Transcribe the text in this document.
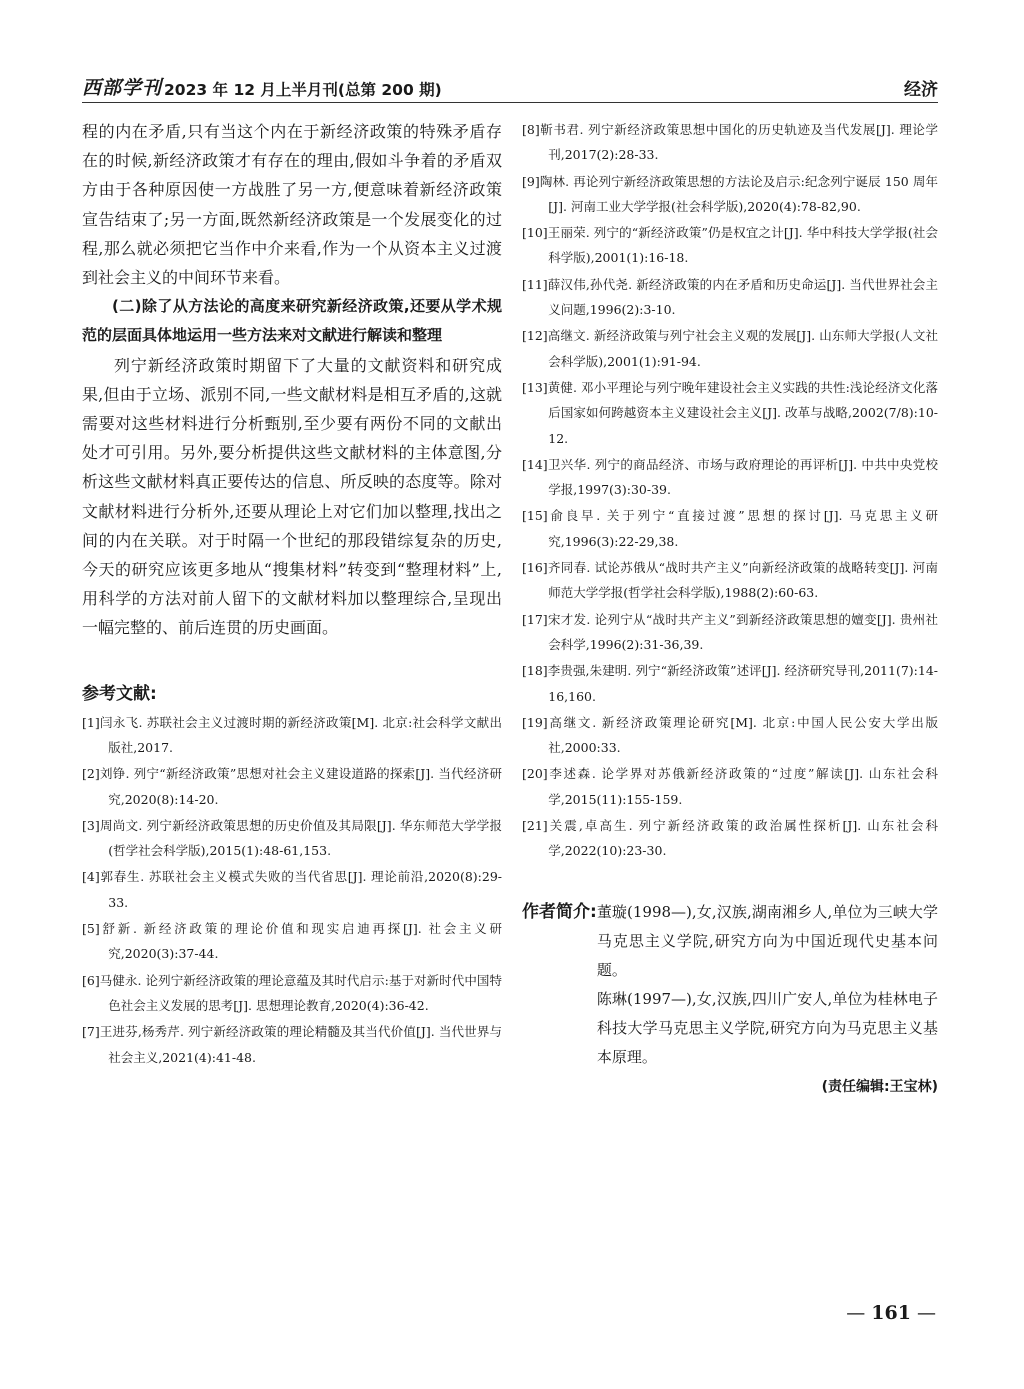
西部学刊 2023 年 12 月上半月刊(总第 200 期)	经济

程的内在矛盾,只有当这个内在于新经济政策的特殊矛盾存在的时候,新经济政策才有存在的理由,假如斗争着的矛盾双方由于各种原因使一方战胜了另一方,便意味着新经济政策宣告结束了;另一方面,既然新经济政策是一个发展变化的过程,那么就必须把它当作中介来看,作为一个从资本主义过渡到社会主义的中间环节来看。

(二)除了从方法论的高度来研究新经济政策,还要从学术规范的层面具体地运用一些方法来对文献进行解读和整理

列宁新经济政策时期留下了大量的文献资料和研究成果,但由于立场、派别不同,一些文献材料是相互矛盾的,这就需要对这些材料进行分析甄别,至少要有两份不同的文献出处才可引用。另外,要分析提供这些文献材料的主体意图,分析这些文献材料真正要传达的信息、所反映的态度等。除对文献材料进行分析外,还要从理论上对它们加以整理,找出之间的内在关联。对于时隔一个世纪的那段错综复杂的历史,今天的研究应该更多地从“搜集材料”转变到“整理材料”上,用科学的方法对前人留下的文献材料加以整理综合,呈现出一幅完整的、前后连贯的历史画面。

参考文献:
[1]闫永飞. 苏联社会主义过渡时期的新经济政策[M]. 北京:社会科学文献出版社,2017.
[2]刘铮. 列宁“新经济政策”思想对社会主义建设道路的探索[J]. 当代经济研究,2020(8):14-20.
[3]周尚文. 列宁新经济政策思想的历史价值及其局限[J]. 华东师范大学学报(哲学社会科学版),2015(1):48-61,153.
[4]郭春生. 苏联社会主义模式失败的当代省思[J]. 理论前沿,2020(8):29-33.
[5]舒新. 新经济政策的理论价值和现实启迪再探[J]. 社会主义研究,2020(3):37-44.
[6]马健永. 论列宁新经济政策的理论意蕴及其时代启示:基于对新时代中国特色社会主义发展的思考[J]. 思想理论教育,2020(4):36-42.
[7]王进芬,杨秀芹. 列宁新经济政策的理论精髓及其当代价值[J]. 当代世界与社会主义,2021(4):41-48.
[8]靳书君. 列宁新经济政策思想中国化的历史轨迹及当代发展[J]. 理论学刊,2017(2):28-33.
[9]陶林. 再论列宁新经济政策思想的方法论及启示:纪念列宁诞辰 150 周年[J]. 河南工业大学学报(社会科学版),2020(4):78-82,90.
[10]王丽荣. 列宁的“新经济政策”仍是权宜之计[J]. 华中科技大学学报(社会科学版),2001(1):16-18.
[11]薛汉伟,孙代尧. 新经济政策的内在矛盾和历史命运[J]. 当代世界社会主义问题,1996(2):3-10.
[12]高继文. 新经济政策与列宁社会主义观的发展[J]. 山东师大学报(人文社会科学版),2001(1):91-94.
[13]黄健. 邓小平理论与列宁晚年建设社会主义实践的共性:浅论经济文化落后国家如何跨越资本主义建设社会主义[J]. 改革与战略,2002(7/8):10-12.
[14]卫兴华. 列宁的商品经济、市场与政府理论的再评析[J]. 中共中央党校学报,1997(3):30-39.
[15]俞良早. 关于列宁“直接过渡”思想的探讨[J]. 马克思主义研究,1996(3):22-29,38.
[16]齐同春. 试论苏俄从“战时共产主义”向新经济政策的战略转变[J]. 河南师范大学学报(哲学社会科学版),1988(2):60-63.
[17]宋才发. 论列宁从“战时共产主义”到新经济政策思想的嬗变[J]. 贵州社会科学,1996(2):31-36,39.
[18]李贵强,朱建明. 列宁“新经济政策”述评[J]. 经济研究导刊,2011(7):14-16,160.
[19]高继文. 新经济政策理论研究[M]. 北京:中国人民公安大学出版社,2000:33.
[20]李述森. 论学界对苏俄新经济政策的“过度”解读[J]. 山东社会科学,2015(11):155-159.
[21]关震,卓高生. 列宁新经济政策的政治属性探析[J]. 山东社会科学,2022(10):23-30.
作者简介: 董璇(1998—),女,汉族,湖南湘乡人,单位为三峡大学马克思主义学院,研究方向为中国近现代史基本问题。

陈琳(1997—),女,汉族,四川广安人,单位为桂林电子科技大学马克思主义学院,研究方向为马克思主义基本原理。

(责任编辑:王宝林)
— 161 —
